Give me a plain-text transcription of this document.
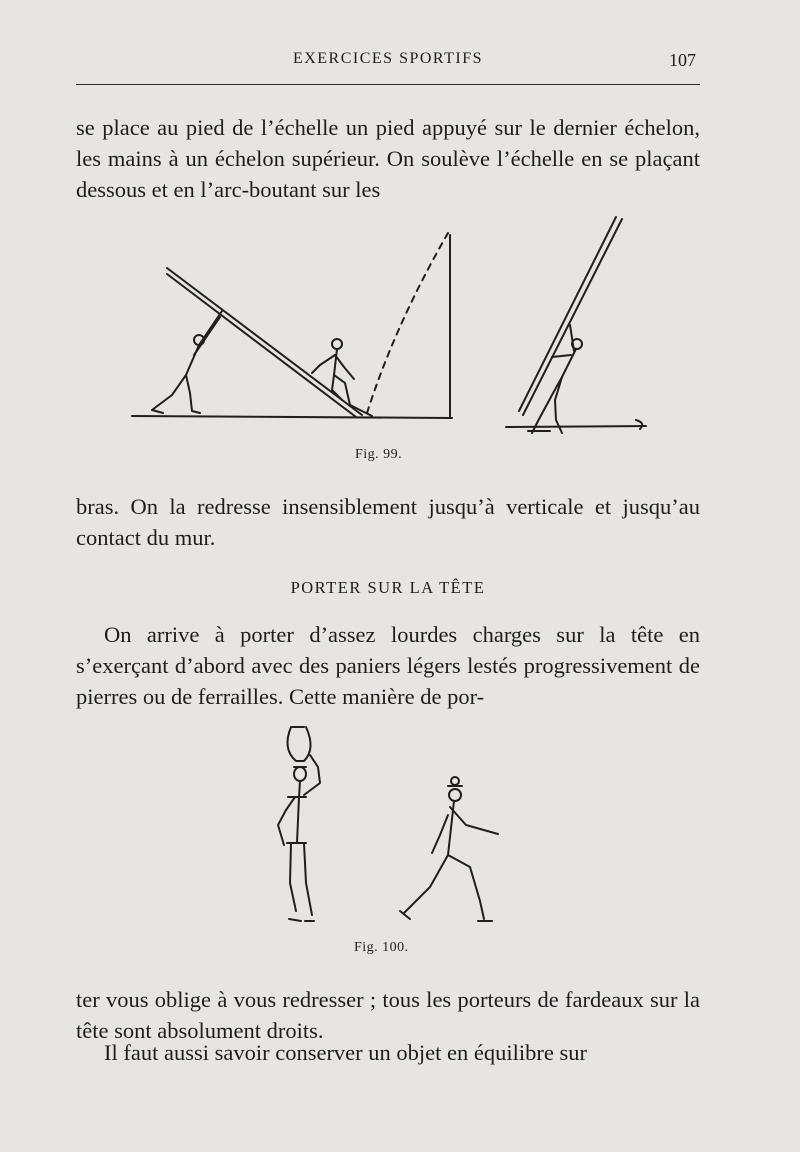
EXERCICES SPORTIFS	107

se place au pied de l’échelle un pied appuyé sur le dernier échelon, les mains à un échelon supérieur. On soulève l’échelle en se plaçant dessous et en l’arc-boutant sur les

Fig. 99.

bras. On la redresse insensiblement jusqu’à verticale et jusqu’au contact du mur.

PORTER SUR LA TÊTE

On arrive à porter d’assez lourdes charges sur la tête en s’exerçant d’abord avec des paniers légers lestés progressivement de pierres ou de ferrailles. Cette manière de por-

Fig. 100.

ter vous oblige à vous redresser ; tous les porteurs de fardeaux sur la tête sont absolument droits.

Il faut aussi savoir conserver un objet en équilibre sur
